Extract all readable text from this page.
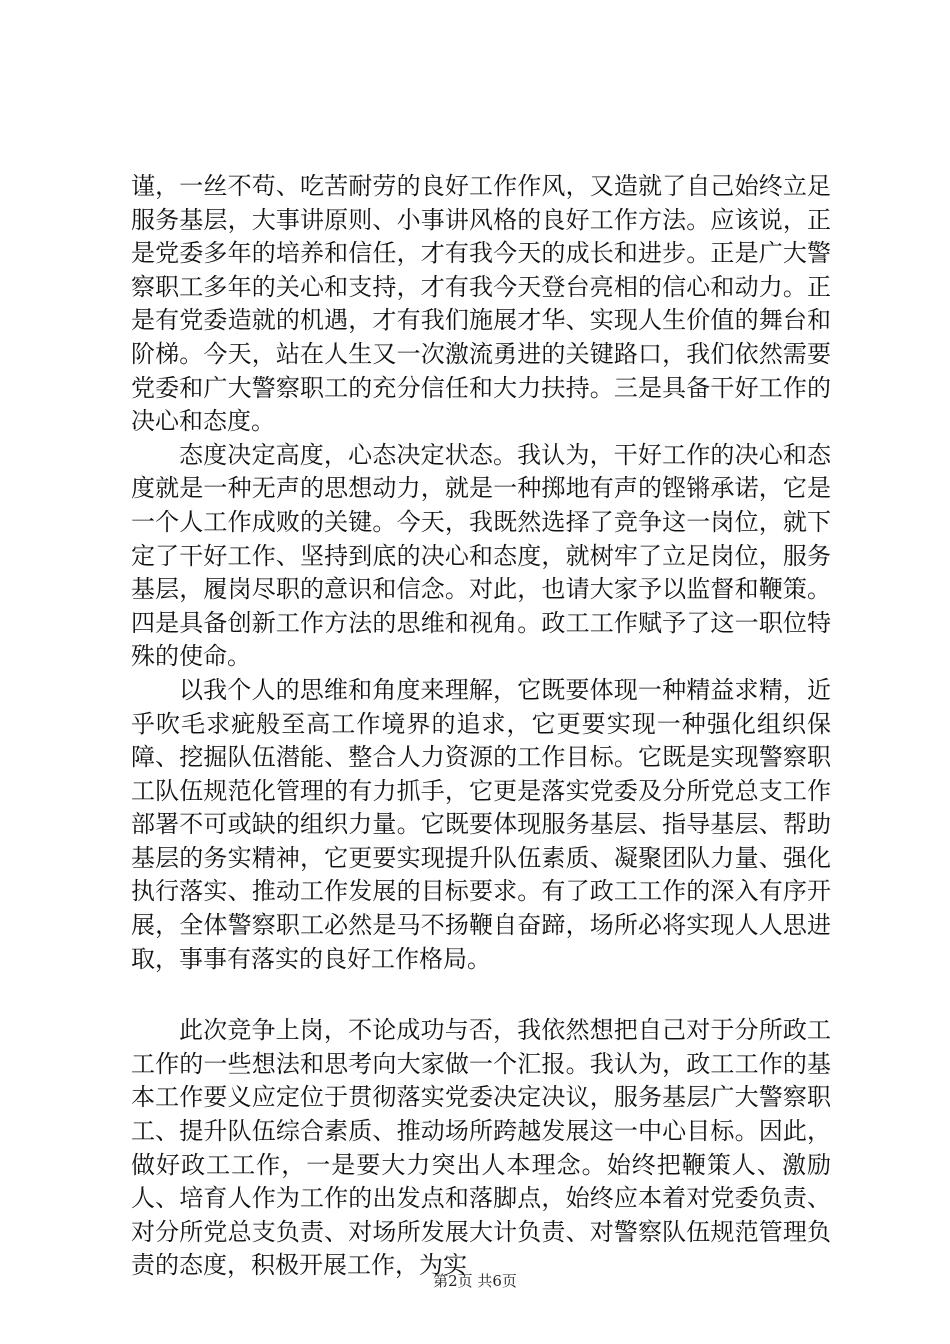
谨，一丝不苟、吃苦耐劳的良好工作作风，又造就了自己始终立足服务基层，大事讲原则、小事讲风格的良好工作方法。应该说，正是党委多年的培养和信任，才有我今天的成长和进步。正是广大警察职工多年的关心和支持，才有我今天登台亮相的信心和动力。正是有党委造就的机遇，才有我们施展才华、实现人生价值的舞台和阶梯。今天，站在人生又一次激流勇进的关键路口，我们依然需要党委和广大警察职工的充分信任和大力扶持。三是具备干好工作的决心和态度。

态度决定高度，心态决定状态。我认为，干好工作的决心和态度就是一种无声的思想动力，就是一种掷地有声的铿锵承诺，它是一个人工作成败的关键。今天，我既然选择了竞争这一岗位，就下定了干好工作、坚持到底的决心和态度，就树牢了立足岗位，服务基层，履岗尽职的意识和信念。对此，也请大家予以监督和鞭策。四是具备创新工作方法的思维和视角。政工工作赋予了这一职位特殊的使命。

以我个人的思维和角度来理解，它既要体现一种精益求精，近乎吹毛求疵般至高工作境界的追求，它更要实现一种强化组织保障、挖掘队伍潜能、整合人力资源的工作目标。它既是实现警察职工队伍规范化管理的有力抓手，它更是落实党委及分所党总支工作部署不可或缺的组织力量。它既要体现服务基层、指导基层、帮助基层的务实精神，它更要实现提升队伍素质、凝聚团队力量、强化执行落实、推动工作发展的目标要求。有了政工工作的深入有序开展，全体警察职工必然是马不扬鞭自奋蹄，场所必将实现人人思进取，事事有落实的良好工作格局。

此次竞争上岗，不论成功与否，我依然想把自己对于分所政工工作的一些想法和思考向大家做一个汇报。我认为，政工工作的基本工作要义应定位于贯彻落实党委决定决议，服务基层广大警察职工、提升队伍综合素质、推动场所跨越发展这一中心目标。因此，做好政工工作，一是要大力突出人本理念。始终把鞭策人、激励人、培育人作为工作的出发点和落脚点，始终应本着对党委负责、对分所党总支负责、对场所发展大计负责、对警察队伍规范管理负责的态度，积极开展工作，为实

第2页 共6页
